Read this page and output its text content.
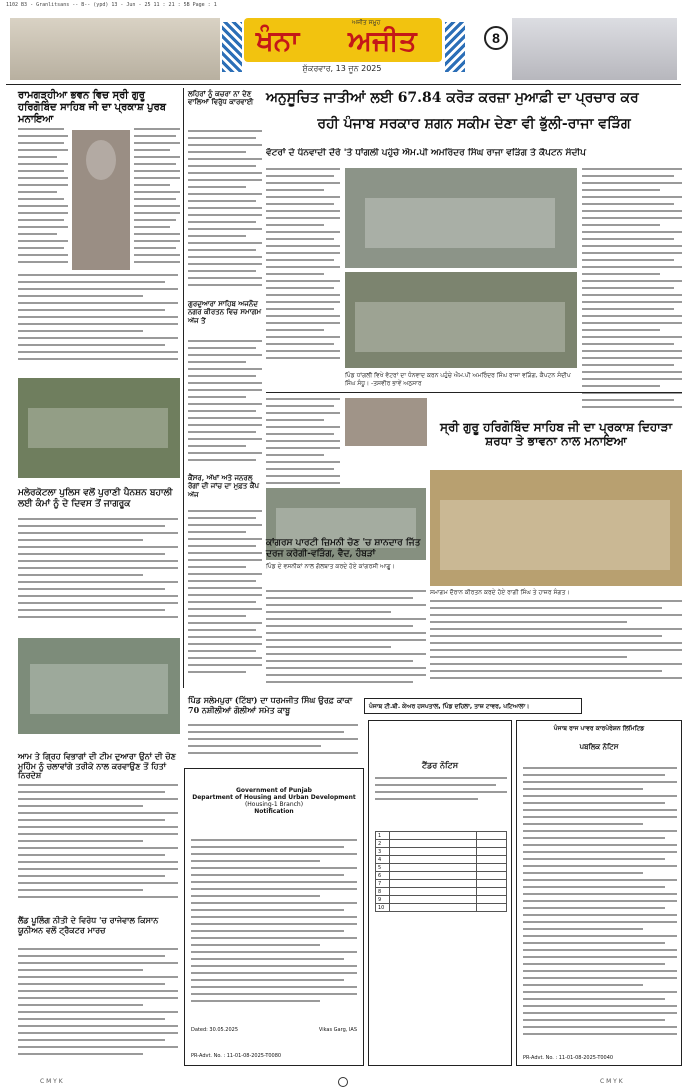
1102 B3 - Granlitsans -- B-- (ypd) 13 - Jun - 25 11 : 21 : 5B Page : 1
ਖੰਨਾ
ਅਜੀਤ ਸਮੂਹ
ਅਜੀਤ
ਸ਼ੁੱਕਰਵਾਰ, 13 ਜੂਨ 2025
8
ਰਾਮਗੜ੍ਹੀਆ ਭਵਨ ਵਿਚ ਸ੍ਰੀ ਗੁਰੂ ਹਰਿਗੋਬਿੰਦ ਸਾਹਿਬ ਜੀ ਦਾ ਪ੍ਰਕਾਸ਼ ਪੁਰਬ ਮਨਾਇਆ
ਮਲੇਰਕੋਟਲਾ ਪੁਲਿਸ ਵਲੋਂ ਪੁਰਾਣੀ ਪੈਨਸ਼ਨ ਬਹਾਲੀ ਲਈ ਕੰਮਾਂ ਨੂੰ ਦੇ ਦਿਵਸ ਤੋਂ ਜਾਗਰੂਕ
ਆਮ ਤੇ ਗ੍ਰਿਹ ਵਿਭਾਗਾਂ ਦੀ ਟੀਮ ਦੁਆਰਾ ਉਨਾਂ ਦੀ ਚੋਣ ਮੁਹਿੰਮ ਨੂੰ ਚਲਾਵਾਂਗੇ ਤਰੀਕੇ ਨਾਲ ਕਰਵਾਉਣ ਤੋਂ ਹਿਤਾਂ ਨਿਰਦੇਸ਼
ਲੈਂਡ ਪੂਲਿੰਗ ਨੀਤੀ ਦੇ ਵਿਰੋਧ 'ਚ ਰਾਜੇਵਾਲ ਕਿਸਾਨ ਯੂਨੀਅਨ ਵਲੋਂ ਟ੍ਰੈਕਟਰ ਮਾਰਚ
ਲਹਿਰਾਂ ਨੂੰ ਕਚਰਾ ਨਾ ਦੇਣ ਵਾਲਿਆਂ ਵਿਰੁੱਧ ਕਾਰਵਾਈ
ਗੁਰਦੁਆਰਾ ਸਾਹਿਬ ਅਜਨੌਦ ਨਗਰ ਕੀਰਤਨ ਵਿਚ ਸਮਾਗਮ ਅੱਜ ਤੋਂ
ਕੈਂਸਰ, ਅੱਖਾਂ ਅਤੇ ਜਨਰਲ ਰੋਗਾਂ ਦੀ ਜਾਂਚ ਦਾ ਮੁਫ਼ਤ ਕੈਂਪ ਅੱਜ
ਅਨੁਸੂਚਿਤ ਜਾਤੀਆਂ ਲਈ 67.84 ਕਰੋੜ ਕਰਜ਼ਾ ਮੁਆਫ਼ੀ ਦਾ ਪ੍ਰਚਾਰ ਕਰ
ਰਹੀ ਪੰਜਾਬ ਸਰਕਾਰ ਸ਼ਗਨ ਸਕੀਮ ਦੇਣਾ ਵੀ ਭੁੱਲੀ-ਰਾਜਾ ਵੜਿੰਗ
ਵੱਟਰਾਂ ਦੇ ਧੰਨਵਾਦੀ ਦੌਰੇ 'ਤੇ ਧਾਂਗਲੀ ਪਹੁੰਚੇ ਐਮ.ਪੀ ਅਮਰਿੰਦਰ ਸਿੰਘ ਰਾਜਾ ਵੜਿੰਗ ਤੇ ਕੈਪਟਨ ਸੰਦੀਪ
ਪਿੰਡ ਧਾਂਗਲੀ ਵਿਖੇ ਵੋਟਰਾਂ ਦਾ ਧੰਨਵਾਦ ਕਰਨ ਪਹੁੰਚੇ ਐਮ.ਪੀ ਅਮਰਿੰਦਰ ਸਿੰਘ ਰਾਜਾ ਵੜਿੰਗ, ਕੈਪਟਨ ਸੰਦੀਪ ਸਿੰਘ ਸੰਧੂ। -ਤਸਵੀਰ ਭਾਵੇਂ ਅਨੁਸਾਰ
ਸ੍ਰੀ ਗੁਰੂ ਹਰਿਗੋਬਿੰਦ ਸਾਹਿਬ ਜੀ ਦਾ ਪ੍ਰਕਾਸ਼ ਦਿਹਾੜਾ ਸ਼ਰਧਾ ਤੇ ਭਾਵਨਾ ਨਾਲ ਮਨਾਇਆ
ਪਿੰਡ ਦੇ ਵਸਨੀਕਾਂ ਨਾਲ ਗੱਲਬਾਤ ਕਰਦੇ ਹੋਏ ਕਾਂਗਰਸੀ ਆਗੂ।
ਸਮਾਗਮ ਦੌਰਾਨ ਕੀਰਤਨ ਕਰਦੇ ਹੋਏ ਰਾਗੀ ਸਿੰਘ ਤੇ ਹਾਜ਼ਰ ਸੰਗਤ।
ਕਾਂਗਰਸ ਪਾਰਟੀ ਜ਼ਿਮਨੀ ਚੋਣ 'ਚ ਸ਼ਾਨਦਾਰ ਜਿੱਤ ਦਰਜ ਕਰੇਗੀ-ਵੜਿੰਗ, ਵੈਦ, ਹੰਬੜਾਂ
ਪਿੰਡ ਸਲੇਮਪੁਰਾ (ਟਿੱਬਾ) ਦਾ ਧਰਮਜੀਤ ਸਿੰਘ ਉਰਫ਼ ਕਾਕਾ 70 ਨਸ਼ੀਲੀਆਂ ਗੋਲੀਆਂ ਸਮੇਤ ਕਾਬੂ	ਪੰਜਾਬ ਟੀ.ਬੀ. ਕੇਅਰ ਹਸਪਤਾਲ, ਪਿੰਡ ਦਹਿਲਾ, ਤਾਜ਼ ਟਾਵਰ, ਪਟਿਆਲਾ।
Government of Punjab
Department of Housing and Urban Development
(Housing-1 Branch)
Notification
Dated: 30.05.2025	Vikas Garg, IAS
PR-Advt. No. : 11-01-08-2025-T0080
ਟੈਂਡਰ ਨੋਟਿਸ
1		
2		
3		
4		
5		
6		
7		
8		
9		
10		
ਪੰਜਾਬ ਰਾਜ ਪਾਵਰ ਕਾਰਪੋਰੇਸ਼ਨ ਲਿਮਿਟਿਡ
ਪਬਲਿਕ ਨੋਟਿਸ
PR-Advt. No. : 11-01-08-2025-T0040
C M Y K	C M Y K
